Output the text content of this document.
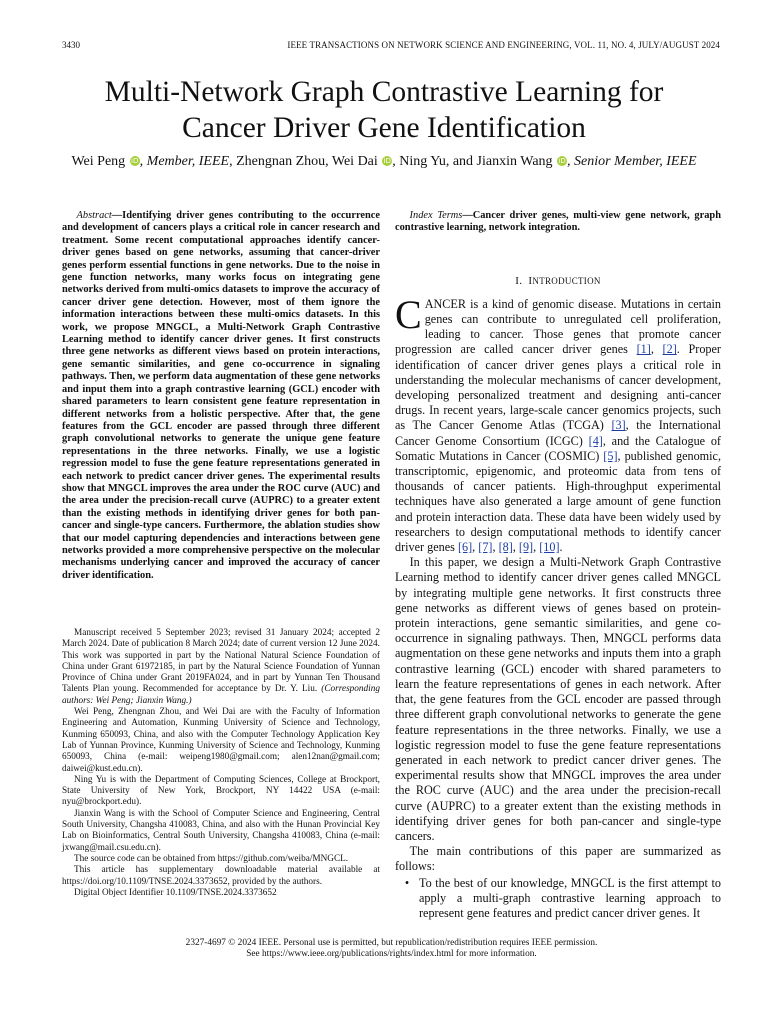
3430	IEEE TRANSACTIONS ON NETWORK SCIENCE AND ENGINEERING, VOL. 11, NO. 4, JULY/AUGUST 2024
Multi-Network Graph Contrastive Learning for
Cancer Driver Gene Identification
Wei Peng iD, Member, IEEE, Zhengnan Zhou, Wei Dai iD, Ning Yu, and Jianxin Wang iD, Senior Member, IEEE

Abstract—Identifying driver genes contributing to the occurrence and development of cancers plays a critical role in cancer research and treatment. Some recent computational approaches identify cancer-driver genes based on gene networks, assuming that cancer-driver genes perform essential functions in gene networks. Due to the noise in gene function networks, many works focus on integrating gene networks derived from multi-omics datasets to improve the accuracy of cancer driver gene detection. However, most of them ignore the information interactions between these multi-omics datasets. In this work, we propose MNGCL, a Multi-Network Graph Contrastive Learning method to identify cancer driver genes. It first constructs three gene networks as different views based on protein interactions, gene semantic similarities, and gene co-occurrence in signaling pathways. Then, we perform data augmentation of these gene networks and input them into a graph contrastive learning (GCL) encoder with shared parameters to learn consistent gene feature representation in different networks from a holistic perspective. After that, the gene features from the GCL encoder are passed through three different graph convolutional networks to generate the unique gene feature representations in the three networks. Finally, we use a logistic regression model to fuse the gene feature representations generated in each network to predict cancer driver genes. The experimental results show that MNGCL improves the area under the ROC curve (AUC) and the area under the precision-recall curve (AUPRC) to a greater extent than the existing methods in identifying driver genes for both pan-cancer and single-type cancers. Furthermore, the ablation studies show that our model capturing dependencies and interactions between gene networks provided a more comprehensive perspective on the molecular mechanisms underlying cancer and improved the accuracy of cancer driver identification.

Manuscript received 5 September 2023; revised 31 January 2024; accepted 2 March 2024. Date of publication 8 March 2024; date of current version 12 June 2024. This work was supported in part by the National Natural Science Foundation of China under Grant 61972185, in part by the Natural Science Foundation of Yunnan Province of China under Grant 2019FA024, and in part by Yunnan Ten Thousand Talents Plan young. Recommended for acceptance by Dr. Y. Liu. (Corresponding authors: Wei Peng; Jianxin Wang.)

Wei Peng, Zhengnan Zhou, and Wei Dai are with the Faculty of Information Engineering and Automation, Kunming University of Science and Technology, Kunming 650093, China, and also with the Computer Technology Application Key Lab of Yunnan Province, Kunming University of Science and Technology, Kunming 650093, China (e-mail: weipeng1980@gmail.com; alen12nan@gmail.com; daiwei@kust.edu.cn).

Ning Yu is with the Department of Computing Sciences, College at Brockport, State University of New York, Brockport, NY 14422 USA (e-mail: nyu@brockport.edu).

Jianxin Wang is with the School of Computer Science and Engineering, Central South University, Changsha 410083, China, and also with the Hunan Provincial Key Lab on Bioinformatics, Central South University, Changsha 410083, China (e-mail: jxwang@mail.csu.edu.cn).

The source code can be obtained from https://github.com/weiba/MNGCL.

This article has supplementary downloadable material available at https://doi.org/10.1109/TNSE.2024.3373652, provided by the authors.

Digital Object Identifier 10.1109/TNSE.2024.3373652

Index Terms—Cancer driver genes, multi-view gene network, graph contrastive learning, network integration.

I. INTRODUCTION

CANCER is a kind of genomic disease. Mutations in certain genes can contribute to unregulated cell proliferation, leading to cancer. Those genes that promote cancer progression are called cancer driver genes [1], [2]. Proper identification of cancer driver genes plays a critical role in understanding the molecular mechanisms of cancer development, developing personalized treatment and designing anti-cancer drugs. In recent years, large-scale cancer genomics projects, such as The Cancer Genome Atlas (TCGA) [3], the International Cancer Genome Consortium (ICGC) [4], and the Catalogue of Somatic Mutations in Cancer (COSMIC) [5], published genomic, transcriptomic, epigenomic, and proteomic data from tens of thousands of cancer patients. High-throughput experimental techniques have also generated a large amount of gene function and protein interaction data. These data have been widely used by researchers to design computational methods to identify cancer driver genes [6], [7], [8], [9], [10].

In this paper, we design a Multi-Network Graph Contrastive Learning method to identify cancer driver genes called MNGCL by integrating multiple gene networks. It first constructs three gene networks as different views of genes based on protein-protein interactions, gene semantic similarities, and gene co-occurrence in signaling pathways. Then, MNGCL performs data augmentation on these gene networks and inputs them into a graph contrastive learning (GCL) encoder with shared parameters to learn the feature representations of genes in each network. After that, the gene features from the GCL encoder are passed through three different graph convolutional networks to generate the gene feature representations in the three networks. Finally, we use a logistic regression model to fuse the gene feature representations generated in each network to predict cancer driver genes. The experimental results show that MNGCL improves the area under the ROC curve (AUC) and the area under the precision-recall curve (AUPRC) to a greater extent than the existing methods in identifying driver genes for both pan-cancer and single-type cancers.

The main contributions of this paper are summarized as follows:

• To the best of our knowledge, MNGCL is the first attempt to apply a multi-graph contrastive learning approach to represent gene features and predict cancer driver genes. It
2327-4697 © 2024 IEEE. Personal use is permitted, but republication/redistribution requires IEEE permission.
See https://www.ieee.org/publications/rights/index.html for more information.
